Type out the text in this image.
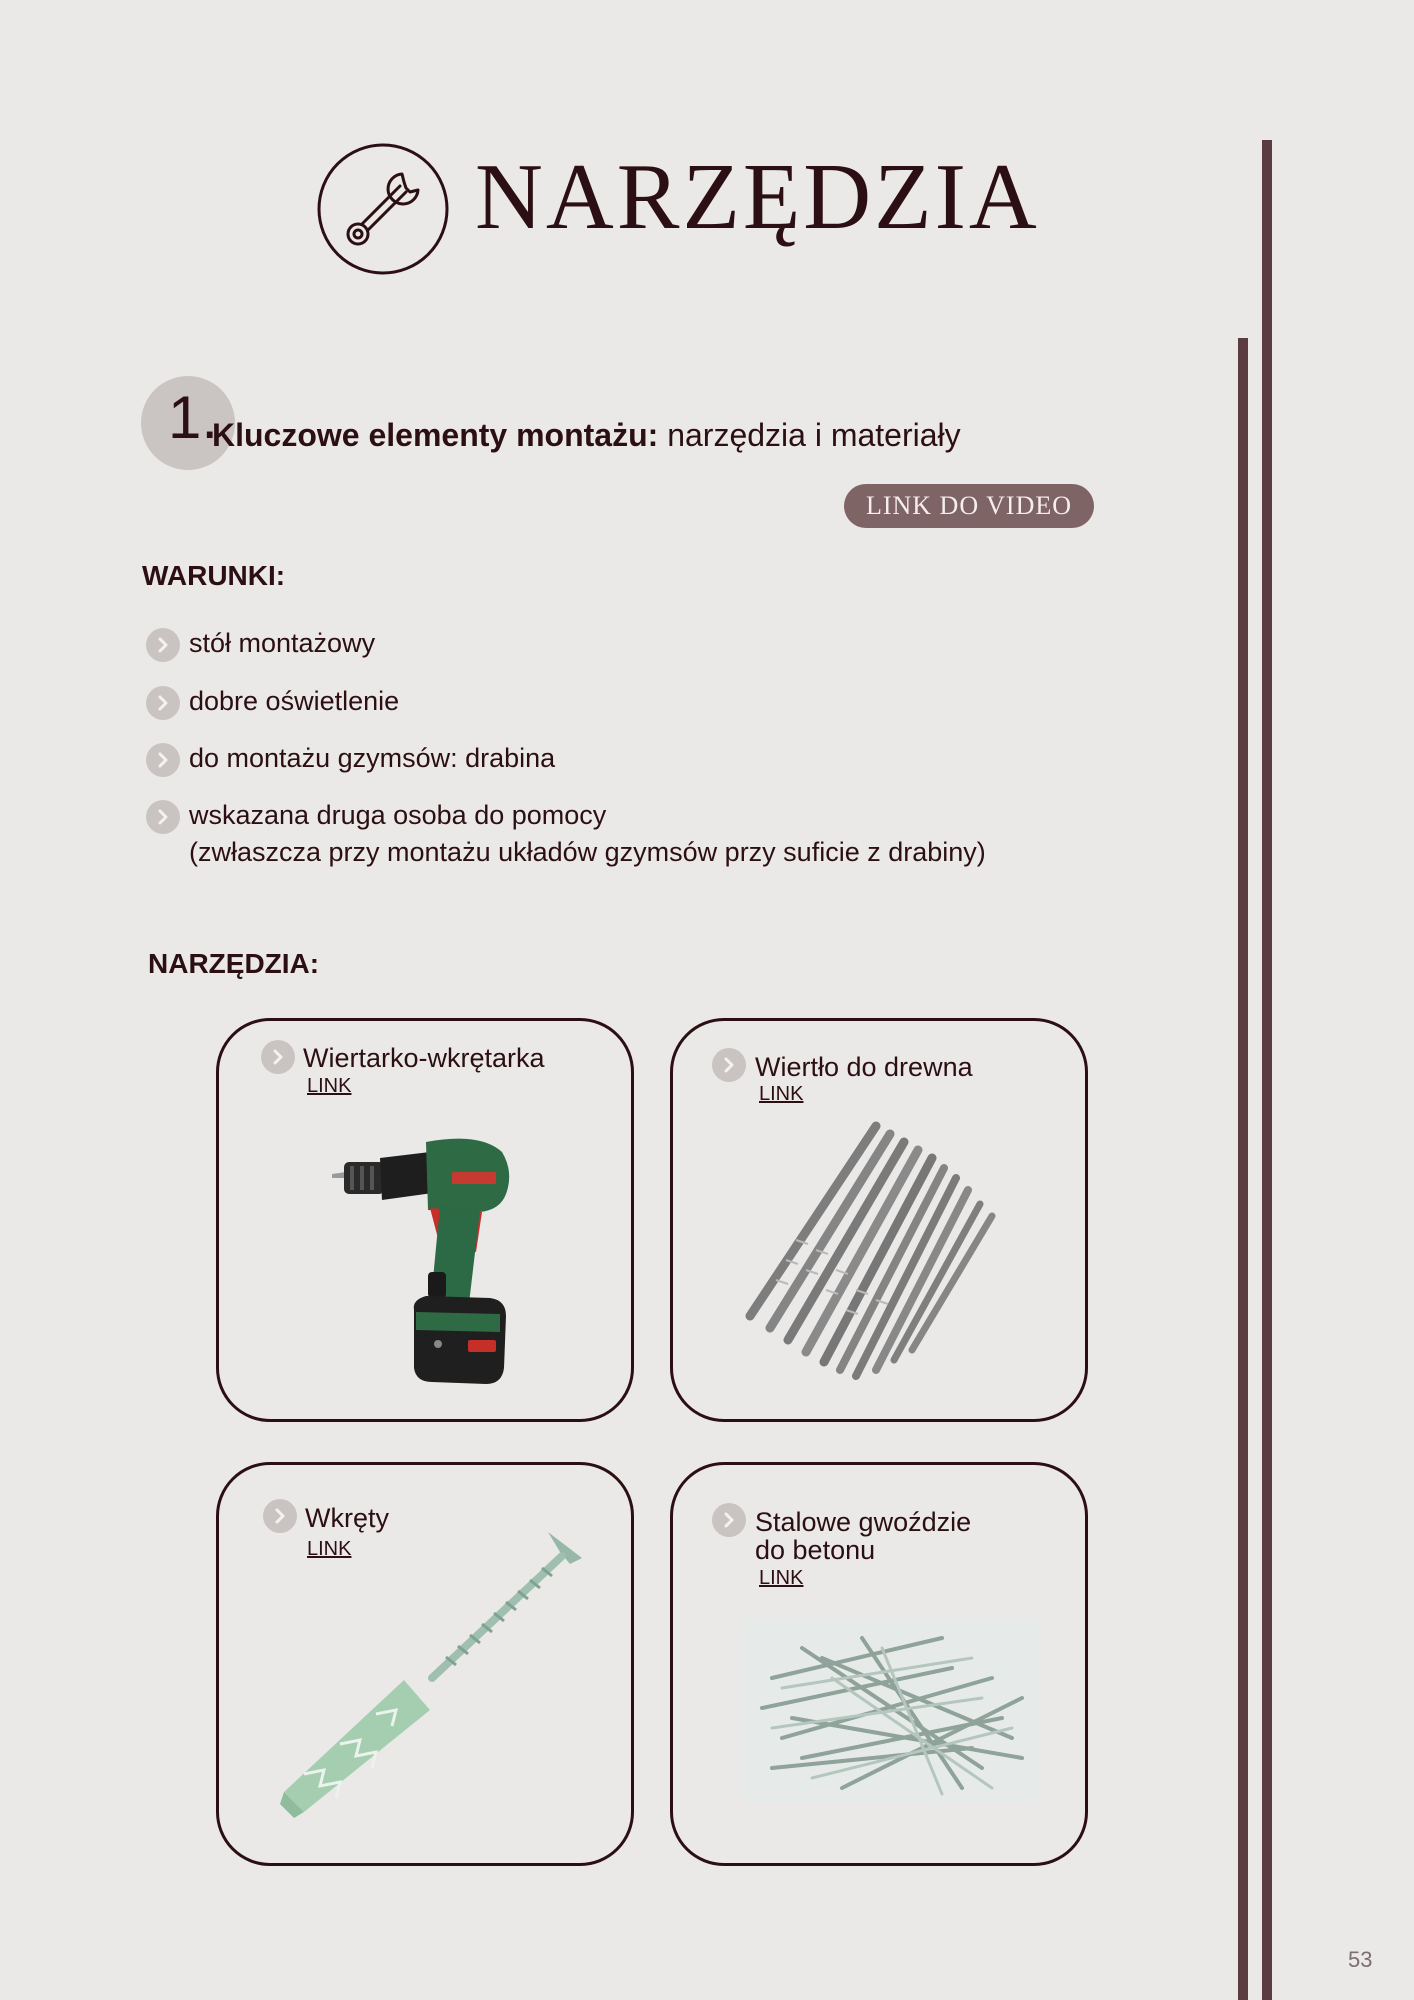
NARZĘDZIA
1.
Kluczowe elementy montażu: narzędzia i materiały
LINK DO VIDEO
WARUNKI:
stół montażowy
dobre oświetlenie
do montażu gzymsów: drabina
wskazana druga osoba do pomocy
(zwłaszcza przy montażu układów gzymsów przy suficie z drabiny)
NARZĘDZIA:
Wiertarko-wkrętarka
LINK
Wiertło do drewna
LINK
Wkręty
LINK
Stalowe gwoździe
do betonu
LINK
53
